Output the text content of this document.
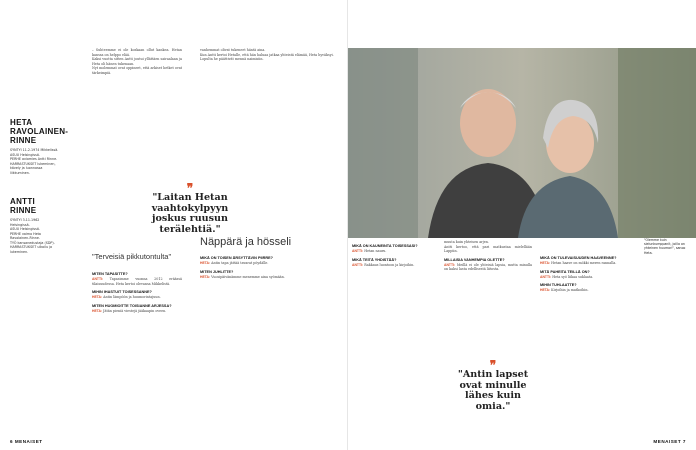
HETA
RAVOLAINEN-
RINNE
SYNTYI 11.2.1974 Mikkelissä.
ASUU Helsingissä.
PERHE aviomies Antti Rinne.
HARRASTUKSET lukeminen,
kävely ja luonnossa liikkuminen.
ANTTI
RINNE
SYNTYI 3.11.1962 Helsingissä.
ASUU Helsingissä.
PERHE vaimo Heta Ravolainen-Rinne.
TYÖ kansanedustaja (SDP).
HARRASTUKSET ulkoilu ja lukeminen.

– Suhteemme ei ole koskaan ollut kankea. Hetan kanssa on helppo elää.

Kaksi vuotta sitten Antti joutui yllättäen sairaalaan ja Heta oli hänen tukenaan.

Nyt molemmat ovat oppineet, että arkiset hetket ovat tärkeimpiä.

❞
"Laitan Hetan vaahtokylpyyn joskus ruusun terälehtiä."
"Terveisiä pikkutontulta"
MITEN TAPASITTE?

ANTTI: Tapasimme vuonna 2012 eräässä tilaisuudessa. Heta kertoi olevansa Mikkelistä.

MIHIN IHASTUIT TOISESSANNE?

HETA: Antin lämpöön ja huumorintajuun.

MITEN HUOMIOITTE TOISIANNE ARJESSA?

HETA: Jätän pieniä viestejä jääkaapin oveen.

vanhemmat olivat tukeneet häntä aina.

Kun Antti kertoi Hetalle, että hän haluaa jatkaa yhteistä elämää, Heta hyväksyi.

Lopulta he päättivät mennä naimisiin.

Näppärä ja hösseli
MIKÄ ON TOISEN ÄRSYTTÄVIN PIIRRE?

HETA: Antin tapa jättää tavarat pöydälle.

MITEN JUHLITTE?

HETA: Vuosipäivänämme menemme aina syömään.

6 MENAISET
"Olemme kuin sielunkumppanit, joilla on yhteinen huumori", sanoo Heta.
MIKÄ ON KAUNEINTA TOISESSASI?

ANTTI: Hetan nauru.

MIKÄ TEITÄ YHDISTÄÄ?

ANTTI: Rakkaus luontoon ja kirjoihin.

muuta kuin yhteisen arjen.

Antti kertoo, että pari matkustaa mielellään Lappiin.

MILLAISIA VANHEMPIA OLETTE?

ANTTI: Meillä ei ole yhteisiä lapsia, mutta minulla on kaksi lasta edellisestä liitosta.

❞
"Antin lapset ovat minulle lähes kuin omia."
MIKÄ ON TULEVAISUUDEN HAAVEENNE?

HETA: Hetan haave on mökki meren rannalla.

MITÄ PAHEITA TEILLÄ ON?

ANTTI: Heta syö liikaa suklaata.

MIHIN TUHLAATTE?

HETA: Kirjoihin ja matkoihin.

MENAISET 7
